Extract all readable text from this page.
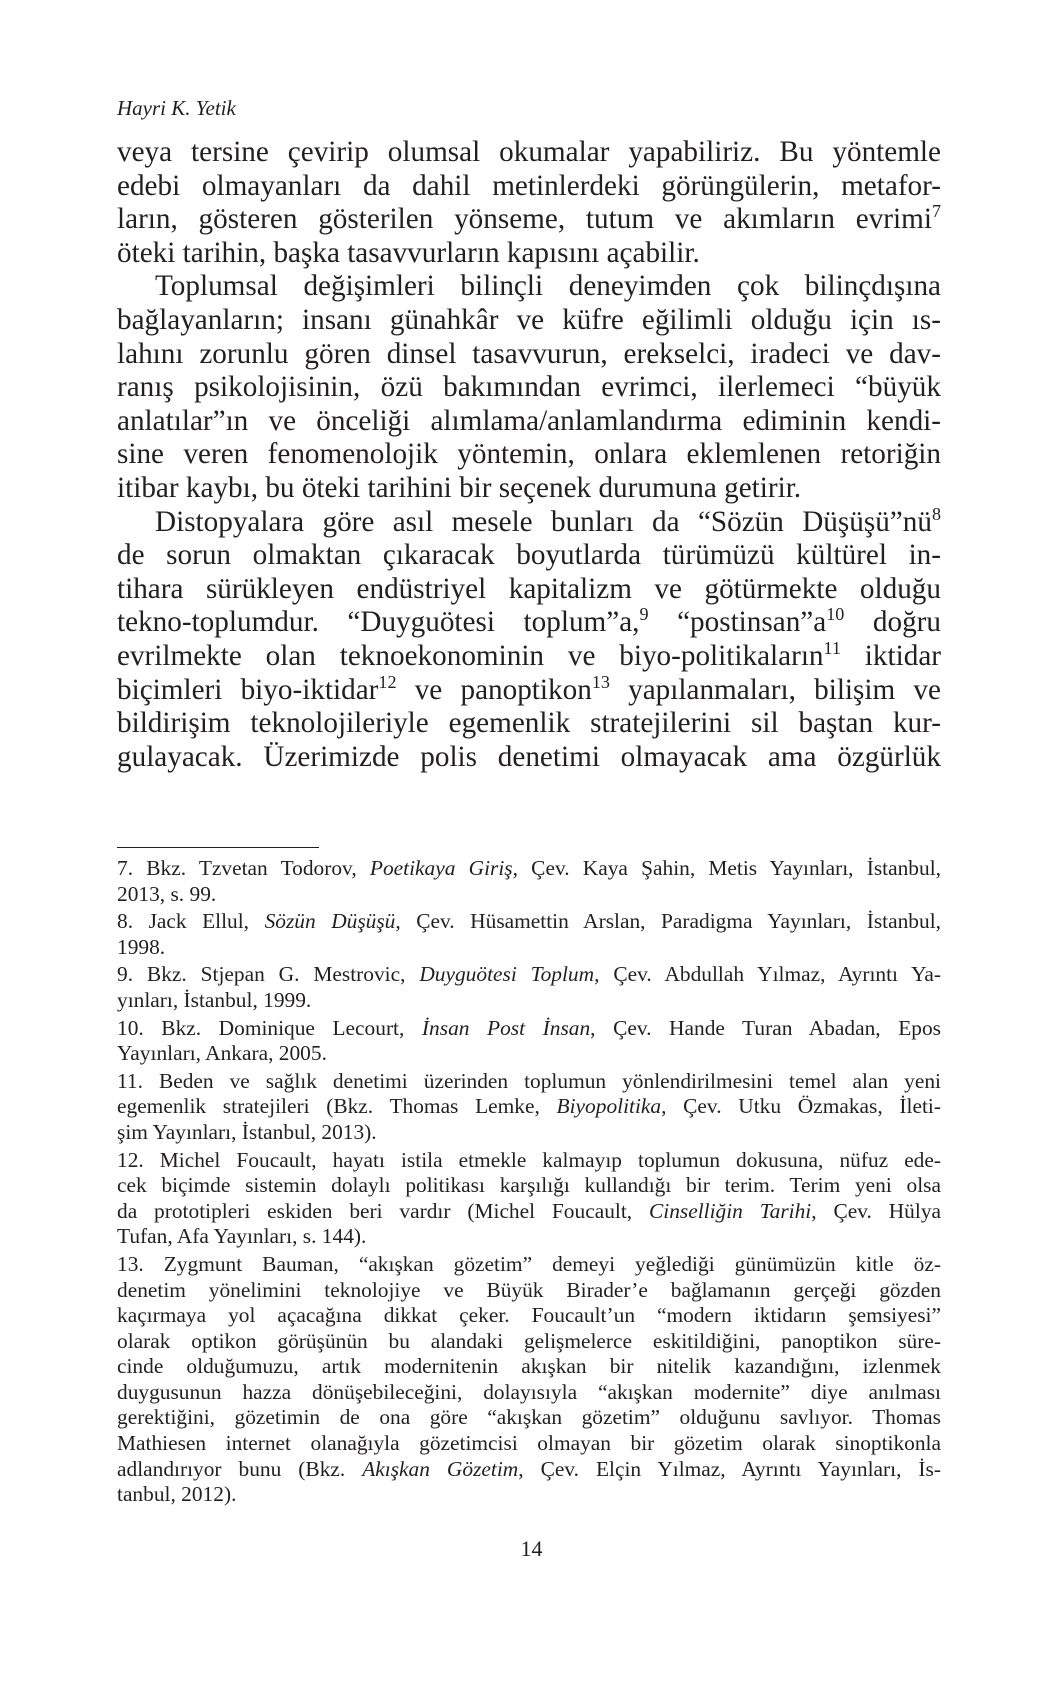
Hayri K. Yetik

veya tersine çevirip olumsal okumalar yapabiliriz. Bu yöntemle
edebi olmayanları da dahil metinlerdeki görüngülerin, metafor-
ların, gösteren gösterilen yönseme, tutum ve akımların evrimi$^7$
öteki tarihin, başka tasavvurların kapısını açabilir.

Toplumsal değişimleri bilinçli deneyimden çok bilinçdışına
bağlayanların; insanı günahkâr ve küfre eğilimli olduğu için ıs-
lahını zorunlu gören dinsel tasavvurun, erekselci, iradeci ve dav-
ranış psikolojisinin, özü bakımından evrimci, ilerlemeci “büyük
anlatılar”ın ve önceliği alımlama/anlamlandırma ediminin kendi-
sine veren fenomenolojik yöntemin, onlara eklemlenen retoriğin
itibar kaybı, bu öteki tarihini bir seçenek durumuna getirir.

Distopyalara göre asıl mesele bunları da “Sözün $Düşüşü”nü^8$
de sorun olmaktan çıkaracak boyutlarda türümüzü kültürel in-
tihara sürükleyen endüstriyel kapitalizm ve götürmekte olduğu
tekno-toplumdur. “Duyguötesi toplum”a,$^9$ “$postinsan”a^{10}$ doğru
evrilmekte olan teknoekonominin ve biyo-politikaların$^{11}$ iktidar
biçimleri biyo-iktidar$^{12}$ ve panoptikon$^{13}$ yapılanmaları, bilişim ve
bildirişim teknolojileriyle egemenlik stratejilerini sil baştan kur-
gulayacak. Üzerimizde polis denetimi olmayacak ama özgürlük

7. Bkz. Tzvetan Todorov, Poetikaya Giriş, Çev. Kaya Şahin, Metis Yayınları, İstanbul,
2013, s. 99.
8. Jack Ellul, Sözün Düşüşü, Çev. Hüsamettin Arslan, Paradigma Yayınları, İstanbul,
1998.
9. Bkz. Stjepan G. Mestrovic, Duyguötesi Toplum, Çev. Abdullah Yılmaz, Ayrıntı Ya-
yınları, İstanbul, 1999.
10. Bkz. Dominique Lecourt, İnsan Post İnsan, Çev. Hande Turan Abadan, Epos
Yayınları, Ankara, 2005.
11. Beden ve sağlık denetimi üzerinden toplumun yönlendirilmesini temel alan yeni
egemenlik stratejileri (Bkz. Thomas Lemke, Biyopolitika, Çev. Utku Özmakas, İleti-
şim Yayınları, İstanbul, 2013).
12. Michel Foucault, hayatı istila etmekle kalmayıp toplumun dokusuna, nüfuz ede-
cek biçimde sistemin dolaylı politikası karşılığı kullandığı bir terim. Terim yeni olsa
da prototipleri eskiden beri vardır (Michel Foucault, Cinselliğin Tarihi, Çev. Hülya
Tufan, Afa Yayınları, s. 144).
13. Zygmunt Bauman, “akışkan gözetim” demeyi yeğlediği günümüzün kitle öz-
denetim yönelimini teknolojiye ve Büyük Birader’e bağlamanın gerçeği gözden
kaçırmaya yol açacağına dikkat çeker. Foucault’un “modern iktidarın şemsiyesi”
olarak optikon görüşünün bu alandaki gelişmelerce eskitildiğini, panoptikon süre-
cinde olduğumuzu, artık modernitenin akışkan bir nitelik kazandığını, izlenmek
duygusunun hazza dönüşebileceğini, dolayısıyla “akışkan modernite” diye anılması
gerektiğini, gözetimin de ona göre “akışkan gözetim” olduğunu savlıyor. Thomas
Mathiesen internet olanağıyla gözetimcisi olmayan bir gözetim olarak sinoptikonla
adlandırıyor bunu (Bkz. Akışkan Gözetim, Çev. Elçin Yılmaz, Ayrıntı Yayınları, İs-
tanbul, 2012).
14
